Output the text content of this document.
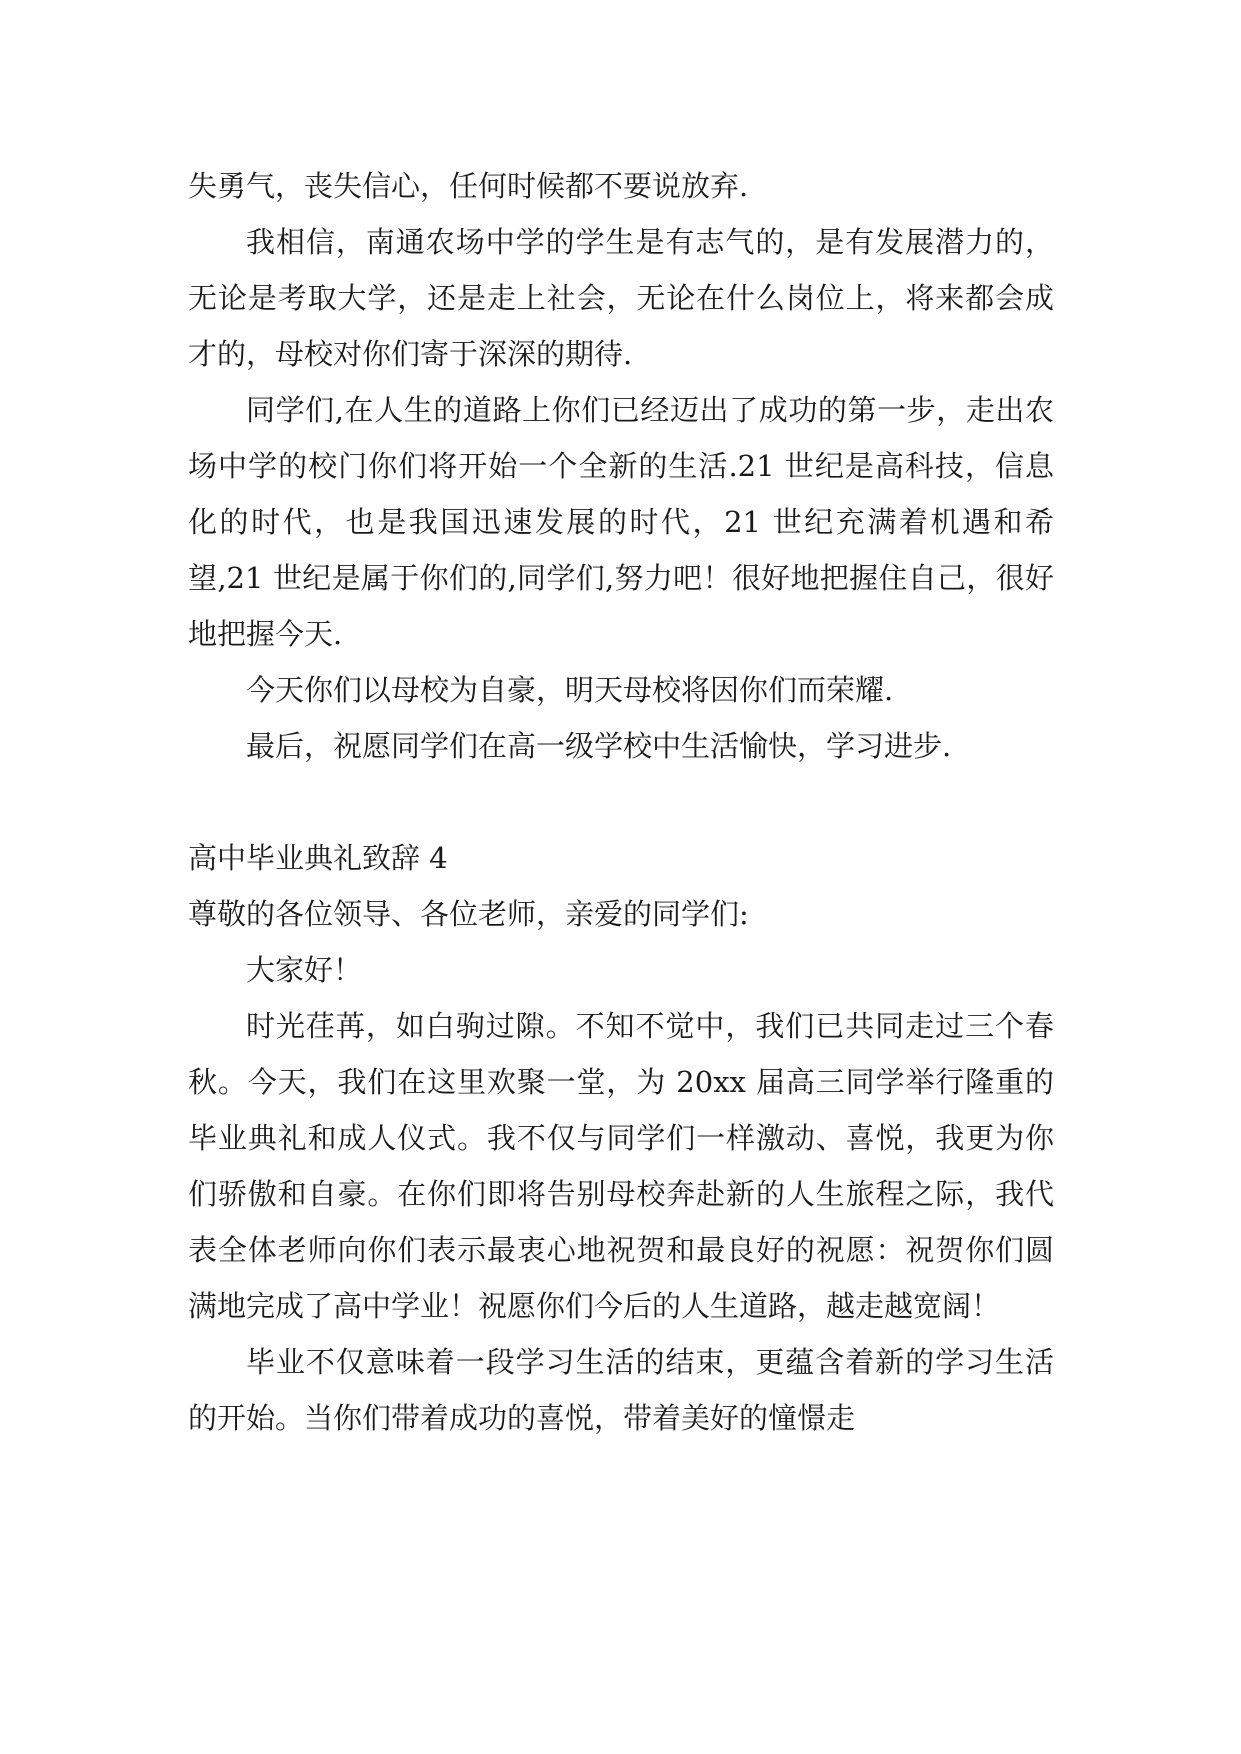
失勇气，丧失信心，任何时候都不要说放弃.

我相信，南通农场中学的学生是有志气的，是有发展潜力的，无论是考取大学，还是走上社会，无论在什么岗位上，将来都会成才的，母校对你们寄于深深的期待.

同学们,在人生的道路上你们已经迈出了成功的第一步，走出农场中学的校门你们将开始一个全新的生活.21 世纪是高科技，信息化的时代，也是我国迅速发展的时代，21 世纪充满着机遇和希望,21 世纪是属于你们的,同学们,努力吧！很好地把握住自己，很好地把握今天.

今天你们以母校为自豪，明天母校将因你们而荣耀.

最后，祝愿同学们在高一级学校中生活愉快，学习进步.

高中毕业典礼致辞 4

尊敬的各位领导、各位老师，亲爱的同学们:

大家好！

时光荏苒，如白驹过隙。不知不觉中，我们已共同走过三个春秋。今天，我们在这里欢聚一堂，为 20xx 届高三同学举行隆重的毕业典礼和成人仪式。我不仅与同学们一样激动、喜悦，我更为你们骄傲和自豪。在你们即将告别母校奔赴新的人生旅程之际，我代表全体老师向你们表示最衷心地祝贺和最良好的祝愿：祝贺你们圆满地完成了高中学业！祝愿你们今后的人生道路，越走越宽阔！

毕业不仅意味着一段学习生活的结束，更蕴含着新的学习生活的开始。当你们带着成功的喜悦，带着美好的憧憬走
